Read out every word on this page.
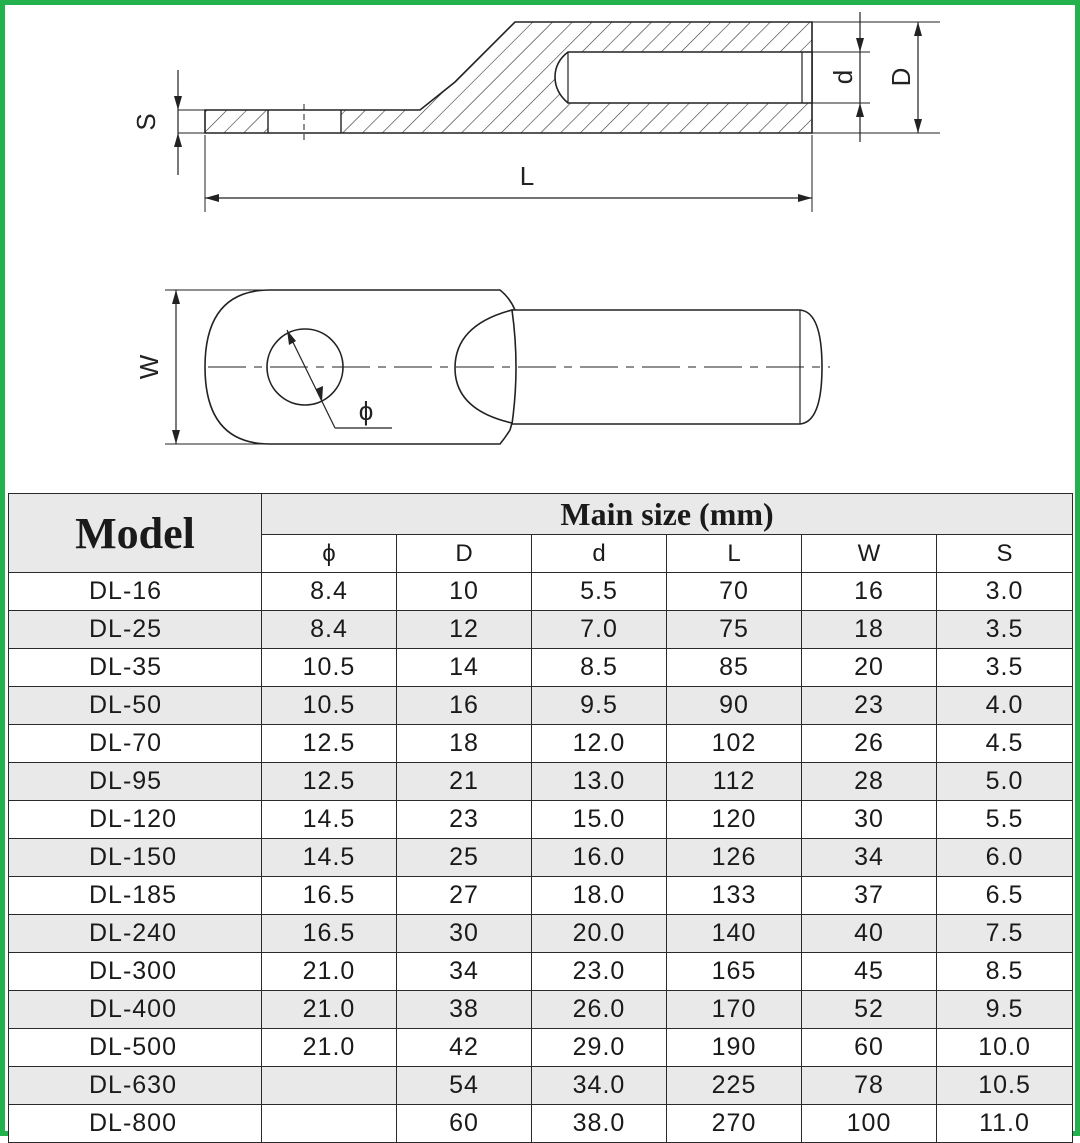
S
L
d D
ϕ
W
Model	Main size (mm)					
	ϕ	D	d	L	W	S
DL-16	8.4	10	5.5	70	16	3.0
DL-25	8.4	12	7.0	75	18	3.5
DL-35	10.5	14	8.5	85	20	3.5
DL-50	10.5	16	9.5	90	23	4.0
DL-70	12.5	18	12.0	102	26	4.5
DL-95	12.5	21	13.0	112	28	5.0
DL-120	14.5	23	15.0	120	30	5.5
DL-150	14.5	25	16.0	126	34	6.0
DL-185	16.5	27	18.0	133	37	6.5
DL-240	16.5	30	20.0	140	40	7.5
DL-300	21.0	34	23.0	165	45	8.5
DL-400	21.0	38	26.0	170	52	9.5
DL-500	21.0	42	29.0	190	60	10.0
DL-630		54	34.0	225	78	10.5
DL-800		60	38.0	270	100	11.0
